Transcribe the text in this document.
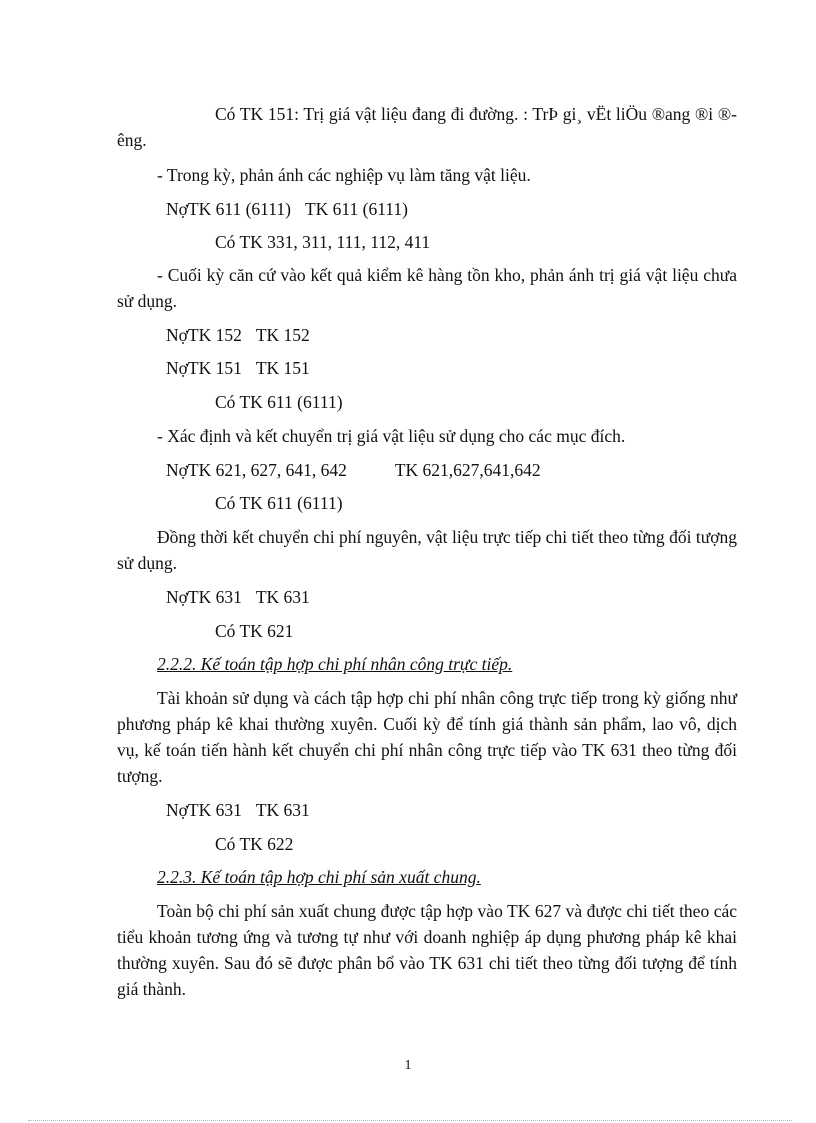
Có TK 151: Trị giá vật liệu đang đi đường. : TrÞ gi¸ vËt liÖu ®ang ®i ®êng.
- Trong kỳ, phản ánh các nghiệp vụ làm tăng vật liệu.
NợTK 611 (6111) TK 611 (6111)
Có TK 331, 311, 111, 112, 411
- Cuối kỳ căn cứ vào kết quả kiểm kê hàng tồn kho, phản ánh trị giá vật liệu chưa sử dụng.
NợTK 152 TK 152
NợTK 151 TK 151
Có TK 611 (6111)
- Xác định và kết chuyển trị giá vật liệu sử dụng cho các mục đích.
NợTK 621, 627, 641, 642	TK 621,627,641,642
Có TK 611 (6111)
Đồng thời kết chuyển chi phí nguyên, vật liệu trực tiếp chi tiết theo từng đối tượng sử dụng.
NợTK 631 TK 631
Có TK 621
2.2.2. Kế toán tập hợp chi phí nhân công trực tiếp.
Tài khoản sử dụng và cách tập hợp chi phí nhân công trực tiếp trong kỳ giống như phương pháp kê khai thường xuyên. Cuối kỳ để tính giá thành sản phẩm, lao vô, dịch vụ, kế toán tiến hành kết chuyển chi phí nhân công trực tiếp vào TK 631 theo từng đối tượng.
NợTK 631 TK 631
Có TK 622
2.2.3. Kế toán tập hợp chi phí sản xuất chung.
Toàn bộ chi phí sản xuất chung được tập hợp vào TK 627 và được chi tiết theo các tiểu khoản tương ứng và tương tự như với doanh nghiệp áp dụng phương pháp kê khai thường xuyên. Sau đó sẽ được phân bổ vào TK 631 chi tiết theo từng đối tượng để tính giá thành.
1
